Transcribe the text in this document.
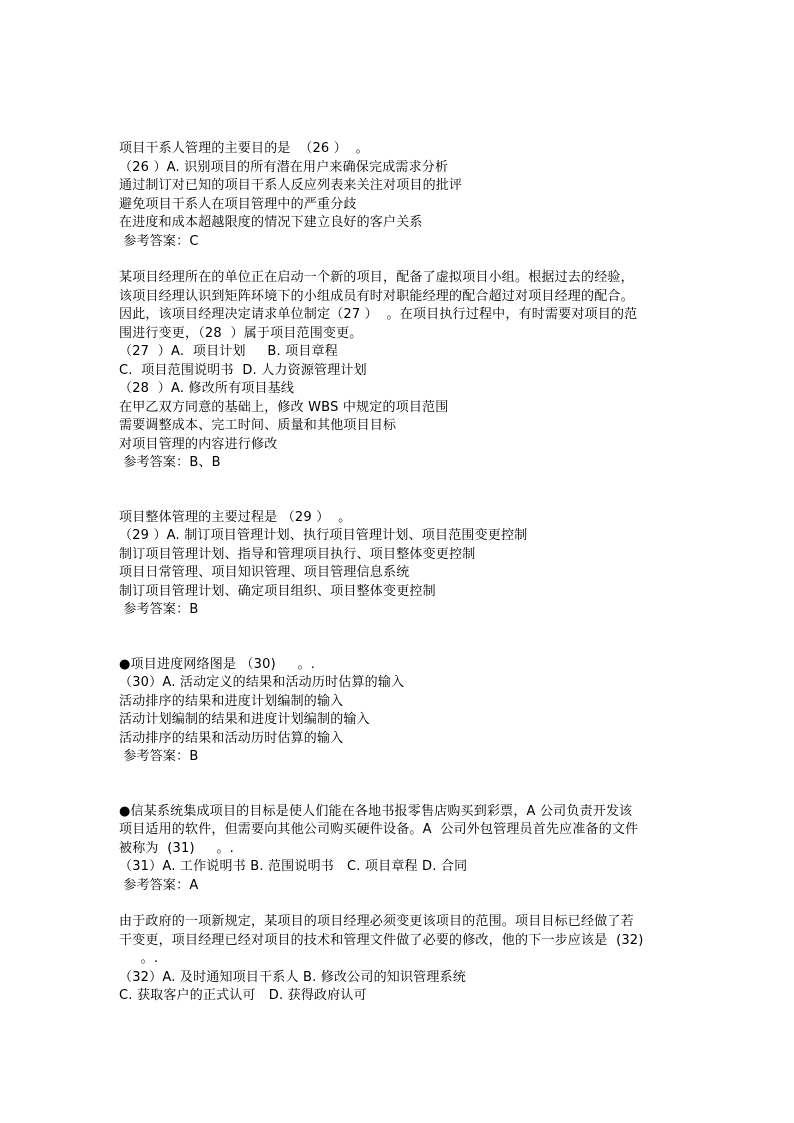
项目干系人管理的主要目的是  （26 ）  。
（26 ）A. 识别项目的所有潜在用户来确保完成需求分析
通过制订对已知的项目干系人反应列表来关注对项目的批评
避免项目干系人在项目管理中的严重分歧
在进度和成本超越限度的情况下建立良好的客户关系
参考答案：C
某项目经理所在的单位正在启动一个新的项目，配备了虚拟项目小组。根据过去的经验，
该项目经理认识到矩阵环境下的小组成员有时对职能经理的配合超过对项目经理的配合。
因此，该项目经理决定请求单位制定（27 ）  。在项目执行过程中，有时需要对项目的范
围进行变更，（28  ）属于项目范围变更。
（27  ）A.  项目计划     B. 项目章程
C.  项目范围说明书  D. 人力资源管理计划
（28  ）A. 修改所有项目基线
在甲乙双方同意的基础上，修改 WBS 中规定的项目范围
需要调整成本、完工时间、质量和其他项目目标
对项目管理的内容进行修改
参考答案：B、B
项目整体管理的主要过程是 （29 ）  。
（29 ）A. 制订项目管理计划、执行项目管理计划、项目范围变更控制
制订项目管理计划、指导和管理项目执行、项目整体变更控制
项目日常管理、项目知识管理、项目管理信息系统
制订项目管理计划、确定项目组织、项目整体变更控制
参考答案：B
●项目进度网络图是 （30)     。.
（30）A. 活动定义的结果和活动历时估算的输入
活动排序的结果和进度计划编制的输入
活动计划编制的结果和进度计划编制的输入
活动排序的结果和活动历时估算的输入
参考答案：B
●信某系统集成项目的目标是使人们能在各地书报零售店购买到彩票，A 公司负责开发该
项目适用的软件，但需要向其他公司购买硬件设备。A  公司外包管理员首先应准备的文件
被称为  (31)     。.
（31）A. 工作说明书 B. 范围说明书   C. 项目章程 D. 合同
参考答案：A
由于政府的一项新规定，某项目的项目经理必须变更该项目的范围。项目目标已经做了若
干变更，项目经理已经对项目的技术和管理文件做了必要的修改，他的下一步应该是  (32)
。.
（32）A. 及时通知项目干系人 B. 修改公司的知识管理系统
C. 获取客户的正式认可   D. 获得政府认可
